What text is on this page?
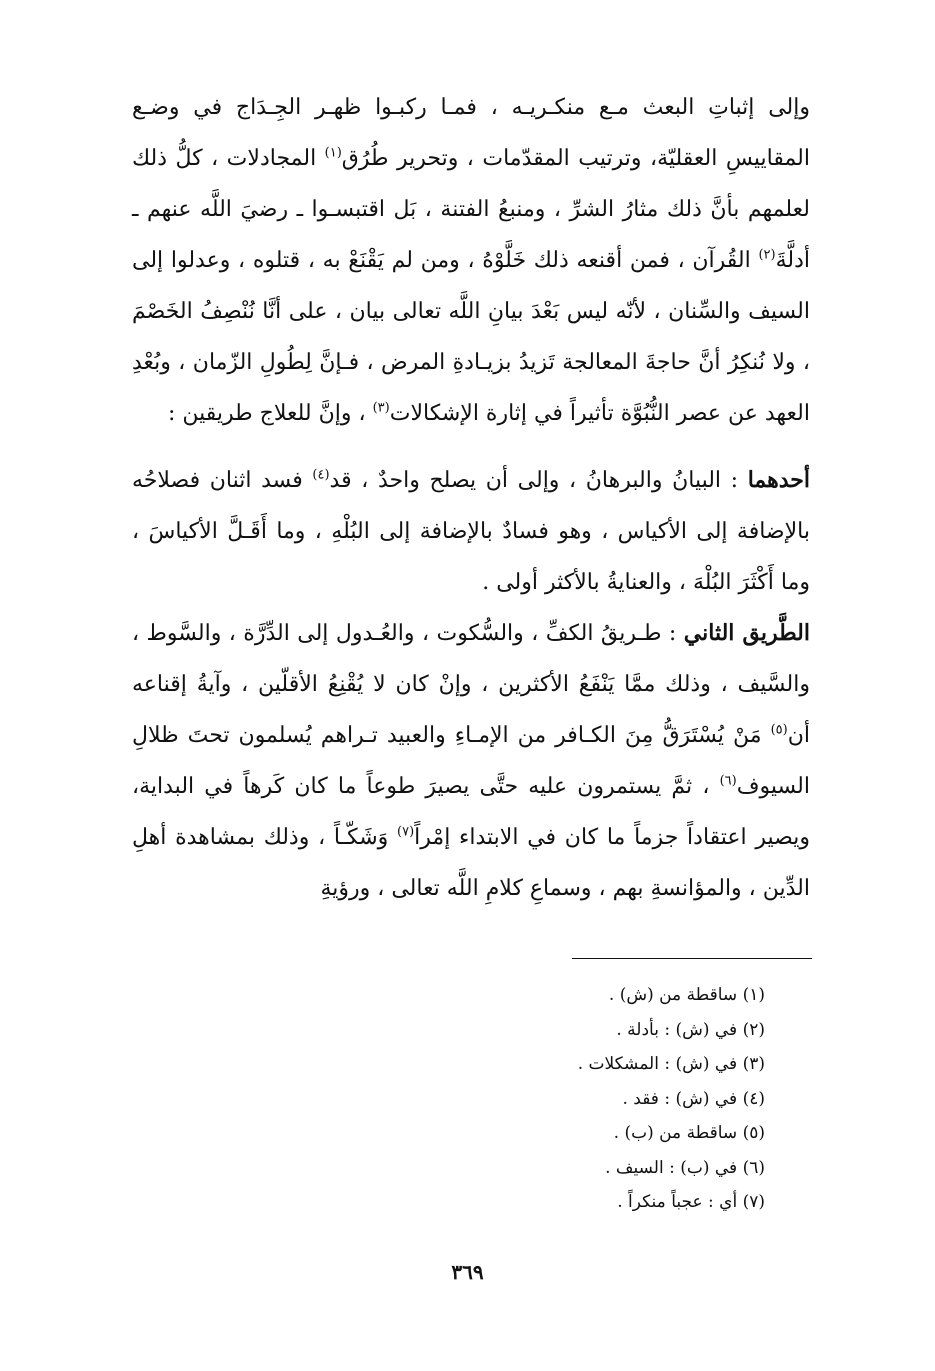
وإلى إثباتِ البعث مـع منكـريـه ، فمـا ركبـوا ظهـر الجِـدَاج في وضـع المقاييسِ العقليّة، وترتيب المقدّمات ، وتحرير طُرُق$^{(١)}$ المجادلات ، كلُّ ذلك لعلمهم بأنَّ ذلك مثارُ الشرِّ ، ومنبعُ الفتنة ، بَل اقتبسـوا ـ رضيَ اللَّه عنهم ـ أدلَّةَ$^{(٢)}$ القُرآن ، فمن أقنعه ذلك خَلَّوْهُ ، ومن لم يَقْنَعْ به ، قتلوه ، وعدلوا إلى السيف والسِّنان ، لأنّه ليس بَعْدَ بيانِ اللَّه تعالى بيان ، على أنَّا نُنْصِفُ الخَصْمَ ، ولا نُنكِرُ أنَّ حاجةَ المعالجة تَزيدُ بزيـادةِ المرض ، فـإنَّ لِطُولِ الزّمان ، وبُعْدِ العهد عن عصر النُّبُوَّة تأثيراً في إثارة الإشكالات$^{(٣)}$ ، وإنَّ للعلاج طريقين :

أحدهما : البيانُ والبرهانُ ، وإلى أن يصلح واحدٌ ، قد$^{(٤)}$ فسد اثنان فصلاحُه بالإضافة إلى الأكياس ، وهو فسادٌ بالإضافة إلى البُلْهِ ، وما أَقَـلَّ الأكياسَ ، وما أَكْثَرَ البُلْهَ ، والعنايةُ بالأكثر أولى .

الطَّريق الثاني : طـريقُ الكفِّ ، والسُّكوت ، والعُـدول إلى الدِّرَّة ، والسَّوط ، والسَّيف ، وذلك ممَّا يَنْفَعُ الأكثرين ، وإنْ كان لا يُقْنِعُ الأقلّين ، وآيةُ إقناعه أن$^{(٥)}$ مَنْ يُسْتَرَقُّ مِنَ الكـافر من الإمـاءِ والعبيد تـراهم يُسلمون تحتَ ظلالِ السيوف$^{(٦)}$ ، ثمَّ يستمرون عليه حتَّى يصيرَ طوعاً ما كان كَرهاً في البداية، ويصير اعتقاداً جزماً ما كان في الابتداء إمْراً$^{(٧)}$ وَشَكّـاً ، وذلك بمشاهدة أهلِ الدِّين ، والمؤانسةِ بهم ، وسماعِ كلامِ اللَّه تعالى ، ورؤيةِ

(١) ساقطة من (ش) .
(٢) في (ش) : بأدلة .
(٣) في (ش) : المشكلات .
(٤) في (ش) : فقد .
(٥) ساقطة من (ب) .
(٦) في (ب) : السيف .
(٧) أي : عجباً منكراً .
٣٦٩
